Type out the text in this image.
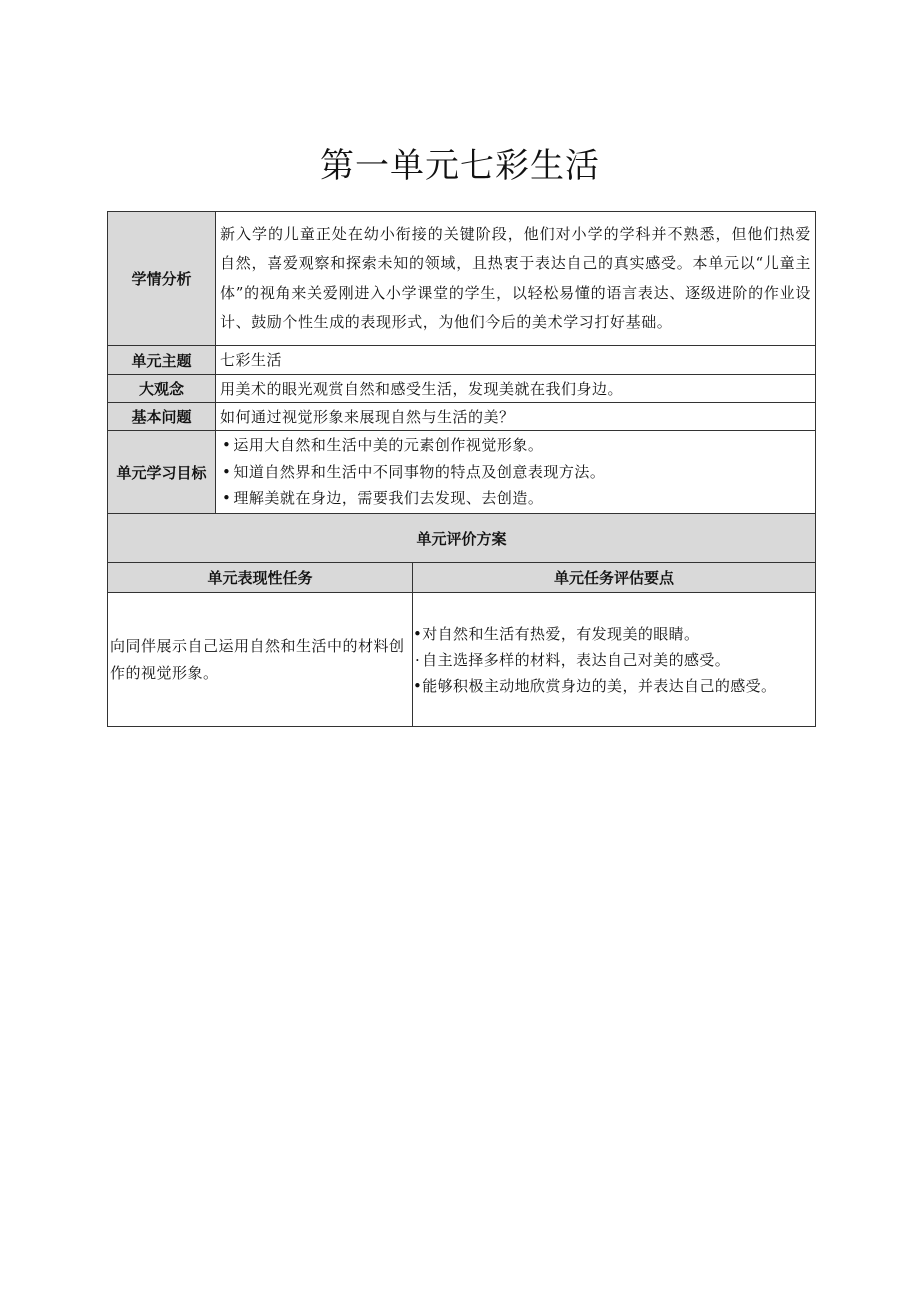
第一单元七彩生活
学情分析	新入学的儿童正处在幼小衔接的关键阶段，他们对小学的学科并不熟悉，但他们热爱自然，喜爱观察和探索未知的领域，且热衷于表达自己的真实感受。本单元以“儿童主体”的视角来关爱刚进入小学课堂的学生，以轻松易懂的语言表达、逐级进阶的作业设计、鼓励个性生成的表现形式，为他们今后的美术学习打好基础。	
单元主题	七彩生活	
大观念	用美术的眼光观赏自然和感受生活，发现美就在我们身边。	
基本问题	如何通过视觉形象来展现自然与生活的美？	
单元学习目标	• 运用大自然和生活中美的元素创作视觉形象。
• 知道自然界和生活中不同事物的特点及创意表现方法。
• 理解美就在身边，需要我们去发现、去创造。	

单元评价方案		
单元表现性任务		单元任务评估要点
向同伴展示自己运用自然和生活中的材料创作的视觉形象。		•对自然和生活有热爱，有发现美的眼睛。
· 自主选择多样的材料，表达自己对美的感受。
•能够积极主动地欣赏身边的美，并表达自己的感受。
